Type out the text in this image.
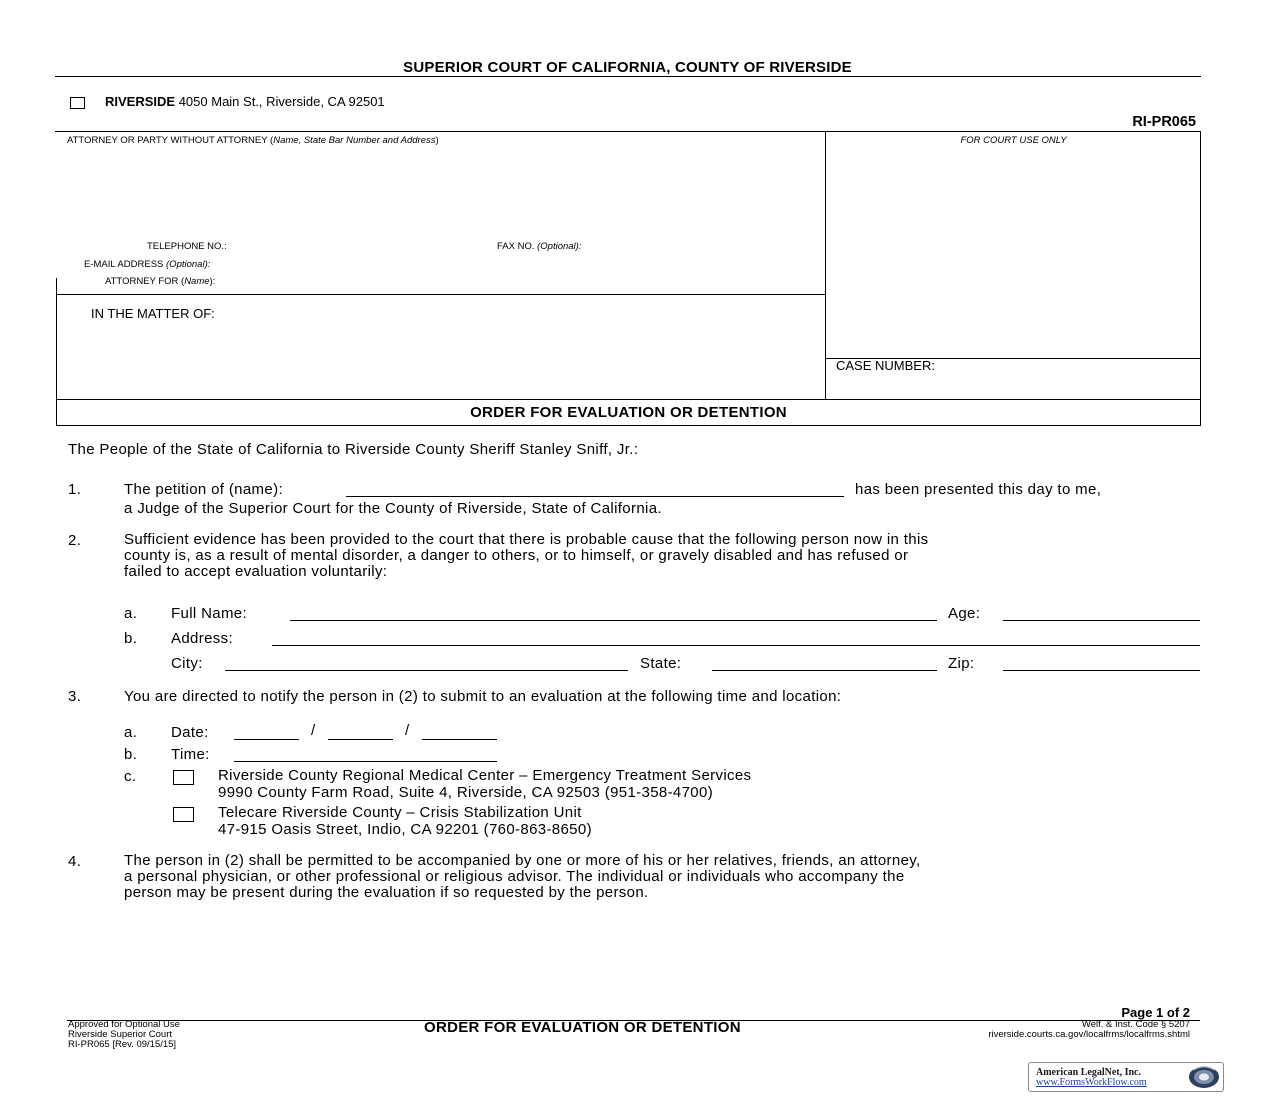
SUPERIOR COURT OF CALIFORNIA, COUNTY OF RIVERSIDE
RIVERSIDE 4050 Main St., Riverside, CA 92501
RI-PR065
ATTORNEY OR PARTY WITHOUT ATTORNEY (Name, State Bar Number and Address)	FOR COURT USE ONLY
TELEPHONE NO.:	FAX NO. (Optional):
E-MAIL ADDRESS (Optional):
ATTORNEY FOR (Name):
IN THE MATTER OF:
CASE NUMBER:
ORDER FOR EVALUATION OR DETENTION
The People of the State of California to Riverside County Sheriff Stanley Sniff, Jr.:
1.	The petition of (name):	has been presented this day to me,
a Judge of the Superior Court for the County of Riverside, State of California.
2.	Sufficient evidence has been provided to the court that there is probable cause that the following person now in this
county is, as a result of mental disorder, a danger to others, or to himself, or gravely disabled and has refused or
failed to accept evaluation voluntarily:
a. Full Name:	Age:
b. Address:
City:	State:	Zip:
3.	You are directed to notify the person in (2) to submit to an evaluation at the following time and location:
a. Date:	/	/
b. Time:
c.	Riverside County Regional Medical Center – Emergency Treatment Services
9990 County Farm Road, Suite 4, Riverside, CA 92503 (951-358-4700)
Telecare Riverside County – Crisis Stabilization Unit
47-915 Oasis Street, Indio, CA 92201 (760-863-8650)
4.	The person in (2) shall be permitted to be accompanied by one or more of his or her relatives, friends, an attorney,
a personal physician, or other professional or religious advisor. The individual or individuals who accompany the
person may be present during the evaluation if so requested by the person.
Page 1 of 2
Approved for Optional Use
Riverside Superior Court
RI-PR065 [Rev. 09/15/15]
ORDER FOR EVALUATION OR DETENTION	Welf. & Inst. Code § 5207
riverside.courts.ca.gov/localfrms/localfrms.shtml
American LegalNet, Inc.
www.FormsWorkFlow.com
